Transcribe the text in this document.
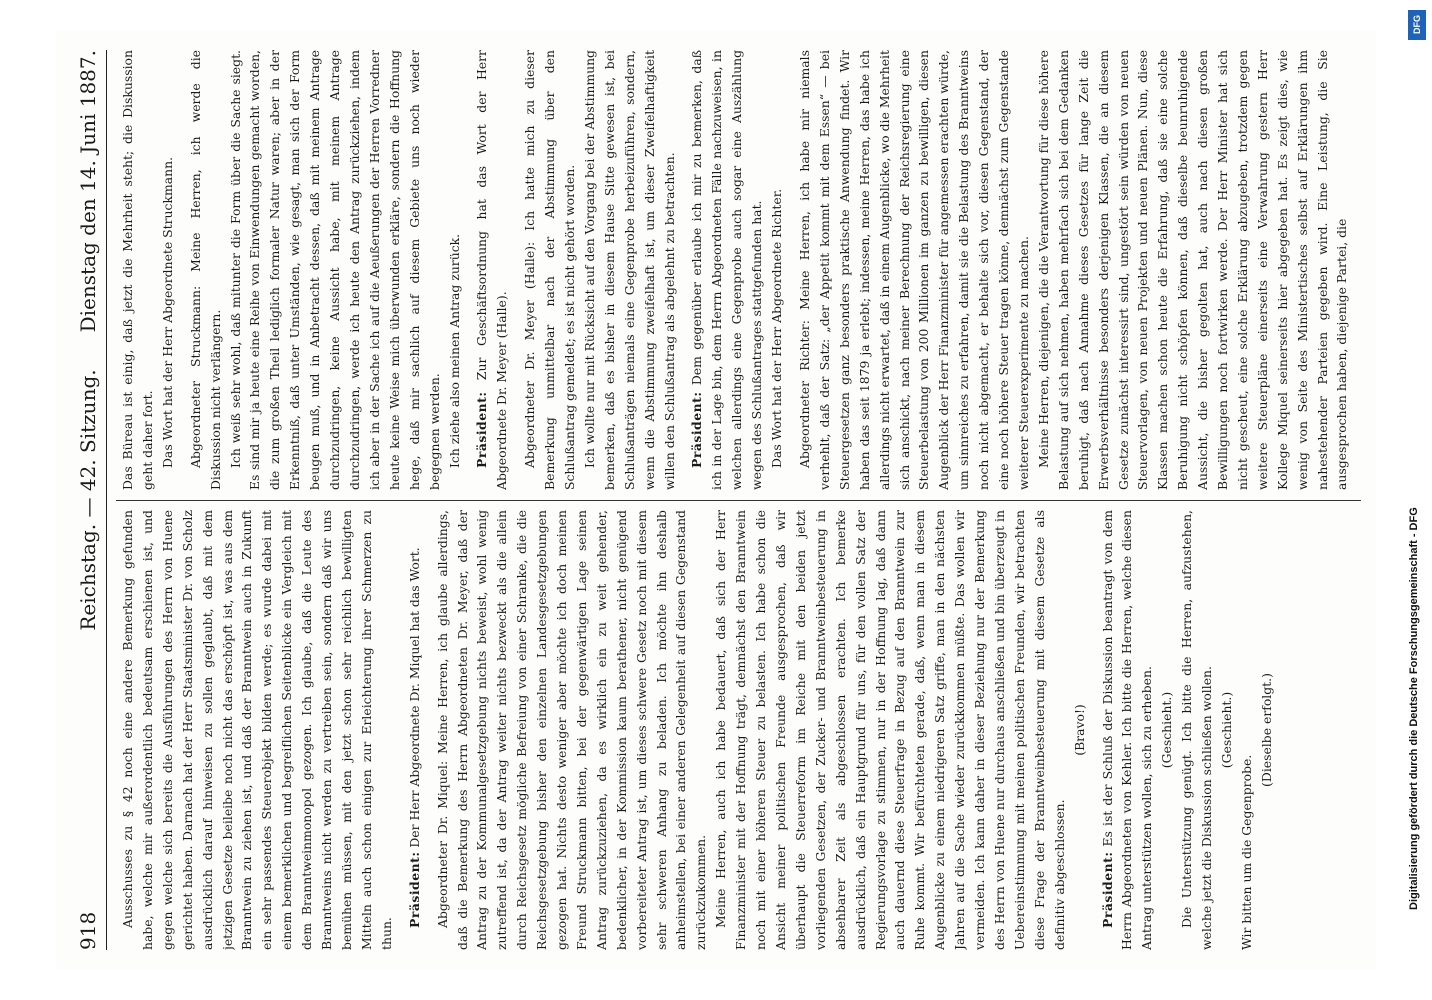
918
Reichstag. — 42. Sitzung.
Dienstag den 14. Juni 1887.

Ausschusses zu § 42 noch eine andere Bemerkung gefunden habe, welche mir außerordentlich bedeutsam erschienen ist, und gegen welche sich bereits die Ausführungen des Herrn von Huene gerichtet haben. Darnach hat der Herr Staatsminister Dr. von Scholz ausdrücklich darauf hinweisen zu sollen geglaubt, daß mit dem jetzigen Gesetze beileibe noch nicht das erschöpft ist, was aus dem Branntwein zu ziehen ist, und daß der Branntwein auch in Zukunft ein sehr passendes Steuerobjekt bilden werde; es wurde dabei mit einem bemerklichen und begreiflichen Seitenblicke ein Vergleich mit dem Branntweinmonopol gezogen. Ich glaube, daß die Leute des Branntweins nicht werden zu vertreiben sein, sondern daß wir uns bemühen müssen, mit den jetzt schon sehr reichlich bewilligten Mitteln auch schon einigen zur Erleichterung ihrer Schmerzen zu thun.

Präsident: Der Herr Abgeordnete Dr. Miquel hat das Wort. Abgeordneter Dr. Miquel: Meine Herren, ich glaube allerdings, daß die Bemerkung des Herrn Abgeordneten Dr. Meyer, daß der Antrag zu der Kommunalgesetzgebung nichts beweist, wohl wenig zutreffend ist, da der Antrag weiter nichts bezweckt als die allein durch Reichsgesetz mögliche Befreiung von einer Schranke, die die Reichsgesetzgebung bisher den einzelnen Landesgesetzgebungen gezogen hat. Nichts desto weniger aber möchte ich doch meinen Freund Struckmann bitten, bei der gegenwärtigen Lage seinen Antrag zurückzuziehen, da es wirklich ein zu weit gehender, bedenklicher, in der Kommission kaum berathener, nicht genügend vorbereiteter Antrag ist, um dieses schwere Gesetz noch mit diesem sehr schweren Anhang zu beladen. Ich möchte ihn deshalb anheimstellen, bei einer anderen Gelegenheit auf diesen Gegenstand zurückzukommen. Meine Herren, auch ich habe bedauert, daß sich der Herr Finanzminister mit der Hoffnung trägt, demnächst den Branntwein noch mit einer höheren Steuer zu belasten. Ich habe schon die Ansicht meiner politischen Freunde ausgesprochen, daß wir überhaupt die Steuerreform im Reiche mit den beiden jetzt vorliegenden Gesetzen, der Zucker- und Branntweinbesteuerung in absehbarer Zeit als abgeschlossen erachten. Ich bemerke ausdrücklich, daß ein Hauptgrund für uns, für den vollen Satz der Regierungsvorlage zu stimmen, nur in der Hoffnung lag, daß dann auch dauernd diese Steuerfrage in Bezug auf den Branntwein zur Ruhe kommt. Wir befürchteten gerade, daß, wenn man in diesem Augenblicke zu einem niedrigeren Satz griffe, man in den nächsten Jahren auf die Sache wieder zurückkommen müßte. Das wollen wir vermeiden. Ich kann daher in dieser Beziehung nur der Bemerkung des Herrn von Huene nur durchaus anschließen und bin überzeugt in Uebereinstimmung mit meinen politischen Freunden, wir betrachten diese Frage der Branntweinbesteuerung mit diesem Gesetze als definitiv abgeschlossen.

(Bravo!)

Präsident: Es ist der Schluß der Diskussion beantragt von dem Herrn Abgeordneten von Kehler. Ich bitte die Herren, welche diesen Antrag unterstützen wollen, sich zu erheben. (Geschieht.) Die Unterstützung genügt. Ich bitte die Herren, aufzustehen, welche jetzt die Diskussion schließen wollen. (Geschieht.)

Wir bitten um die Gegenprobe.

(Dieselbe erfolgt.)

Das Büreau ist einig, daß jetzt die Mehrheit steht; die Diskussion geht daher fort. Das Wort hat der Herr Abgeordnete Struckmann. Abgeordneter Struckmann: Meine Herren, ich werde die Diskussion nicht verlängern. Ich weiß sehr wohl, daß mitunter die Form über die Sache siegt. Es sind mir ja heute eine Reihe von Einwendungen gemacht worden, die zum großen Theil lediglich formaler Natur waren; aber in der Erkenntniß, daß unter Umständen, wie gesagt, man sich der Form beugen muß, und in Anbetracht dessen, daß mit meinem Antrage durchzudringen, keine Aussicht habe, mit meinem Antrage durchzudringen, werde ich heute den Antrag zurückziehen, indem ich aber in der Sache ich auf die Aeußerungen der Herren Vorredner heute keine Weise mich überwunden erkläre, sondern die Hoffnung hege, daß mir sachlich auf diesem Gebiete uns noch wieder begegnen werden. Ich ziehe also meinen Antrag zurück. Präsident: Zur Geschäftsordnung hat das Wort der Herr Abgeordnete Dr. Meyer (Halle). Abgeordneter Dr. Meyer (Halle): Ich hatte mich zu dieser Bemerkung unmittelbar nach der Abstimmung über den Schlußantrag gemeldet; es ist nicht gehört worden. Ich wollte nur mit Rücksicht auf den Vorgang bei der Abstimmung bemerken, daß es bisher in diesem Hause Sitte gewesen ist, bei Schlußanträgen niemals eine Gegenprobe herbeizuführen, sondern, wenn die Abstimmung zweifelhaft ist, um dieser Zweifelhaftigkeit willen den Schlußantrag als abgelehnt zu betrachten. Präsident: Dem gegenüber erlaube ich mir zu bemerken, daß ich in der Lage bin, dem Herrn Abgeordneten Fälle nachzuweisen, in welchen allerdings eine Gegenprobe auch sogar eine Auszählung wegen des Schlußantrages stattgefunden hat. Das Wort hat der Herr Abgeordnete Richter. Abgeordneter Richter: Meine Herren, ich habe mir niemals verhehlt, daß der Satz: „der Appetit kommt mit dem Essen“ — bei Steuergesetzen ganz besonders praktische Anwendung findet. Wir haben das seit 1879 ja erlebt; indessen, meine Herren, das habe ich allerdings nicht erwartet, daß in einem Augenblicke, wo die Mehrheit sich anschickt, nach meiner Berechnung der Reichsregierung eine Steuerbelastung von 200 Millionen im ganzen zu bewilligen, diesen Augenblick der Herr Finanzminister für angemessen erachten würde, um sinnreiches zu erfahren, damit sie die Belastung des Branntweins noch nicht abgemacht, er behalte sich vor, diesen Gegenstand, der eine noch höhere Steuer tragen könne, demnächst zum Gegenstande weiterer Steuerexperimente zu machen. Meine Herren, diejenigen, die die Verantwortung für diese höhere Belastung auf sich nehmen, haben mehrfach sich bei dem Gedanken beruhigt, daß nach Annahme dieses Gesetzes für lange Zeit die Erwerbsverhältnisse besonders derjenigen Klassen, die an diesem Gesetze zunächst interessirt sind, ungestört sein würden von neuen Steuervorlagen, von neuen Projekten und neuen Plänen. Nun, diese Klassen machen schon heute die Erfahrung, daß sie eine solche Beruhigung nicht schöpfen können, daß dieselbe beunruhigende Aussicht, die bisher gegolten hat, auch nach diesen großen Bewilligungen noch fortwirken werde. Der Herr Minister hat sich nicht gescheut, eine solche Erklärung abzugeben, trotzdem gegen weitere Steuerpläne einerseits eine Verwahrung gestern Herr Kollege Miquel seinerseits hier abgegeben hat. Es zeigt dies, wie wenig von Seite des Ministertisches selbst auf Erklärungen ihm nahestehender Parteien gegeben wird. Eine Leistung, die Sie ausgesprochen haben, diejenige Partei, die

DFG
Digitalisierung gefördert durch die Deutsche Forschungsgemeinschaft - DFG
